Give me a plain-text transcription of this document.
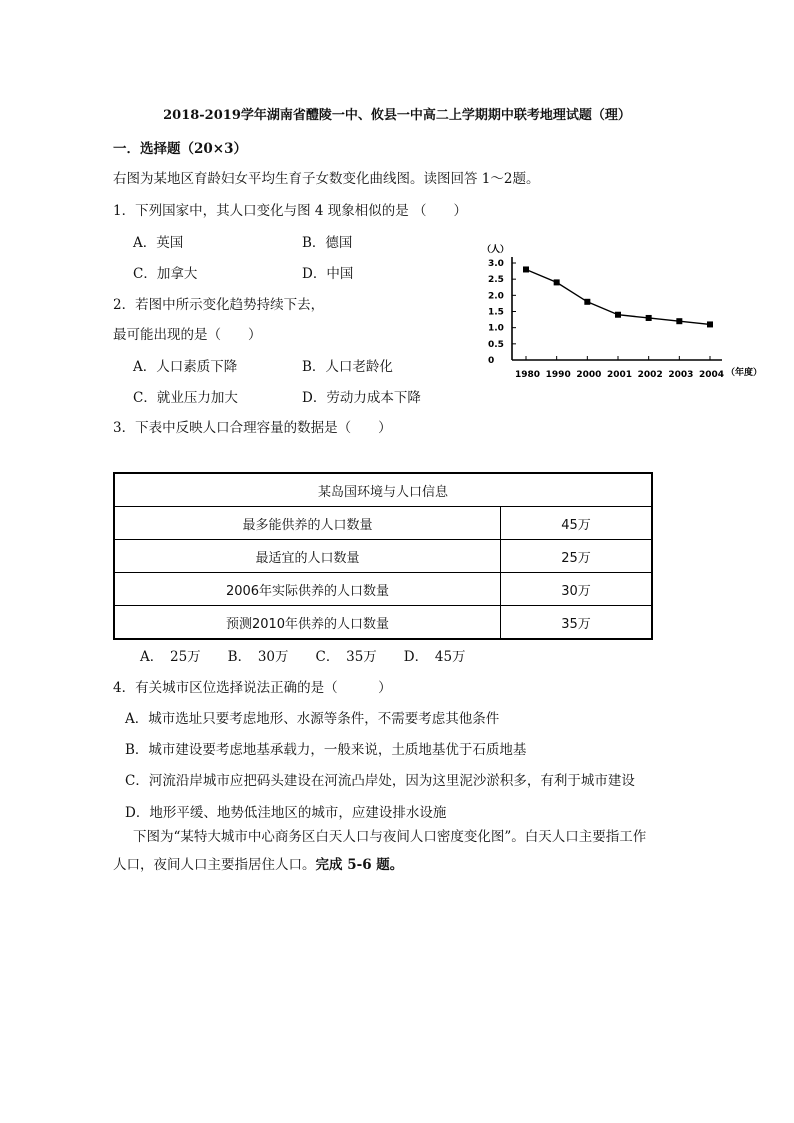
2018-2019学年湖南省醴陵一中、攸县一中高二上学期期中联考地理试题（理）
一．选择题（20×3）
右图为某地区育龄妇女平均生育子女数变化曲线图。读图回答 1～2题。
1．下列国家中，其人口变化与图 4 现象相似的是 （　　）
A．英国	B．德国
C．加拿大	D．中国
2．若图中所示变化趋势持续下去，
最可能出现的是（　　）
A．人口素质下降	B．人口老龄化
C．就业压力加大	D．劳动力成本下降
（人）
3.0
2.5
2.0
1.5
1.0
0.5
0
1980 1990 2000 2001 2002 2003 2004 （年度）
3．下表中反映人口合理容量的数据是（　　）
某岛国环境与人口信息	
最多能供养的人口数量	45万
最适宜的人口数量	25万
2006年实际供养的人口数量	30万
预测2010年供养的人口数量	35万
A．　25万　　B．　30万　　C．　35万　　D．　45万
4．有关城市区位选择说法正确的是（　　　）
A．城市选址只要考虑地形、水源等条件，不需要考虑其他条件
B．城市建设要考虑地基承载力，一般来说，土质地基优于石质地基
C．河流沿岸城市应把码头建设在河流凸岸处，因为这里泥沙淤积多，有利于城市建设
D．地形平缓、地势低洼地区的城市，应建设排水设施
下图为“某特大城市中心商务区白天人口与夜间人口密度变化图”。白天人口主要指工作
人口，夜间人口主要指居住人口。完成 5-6 题。
